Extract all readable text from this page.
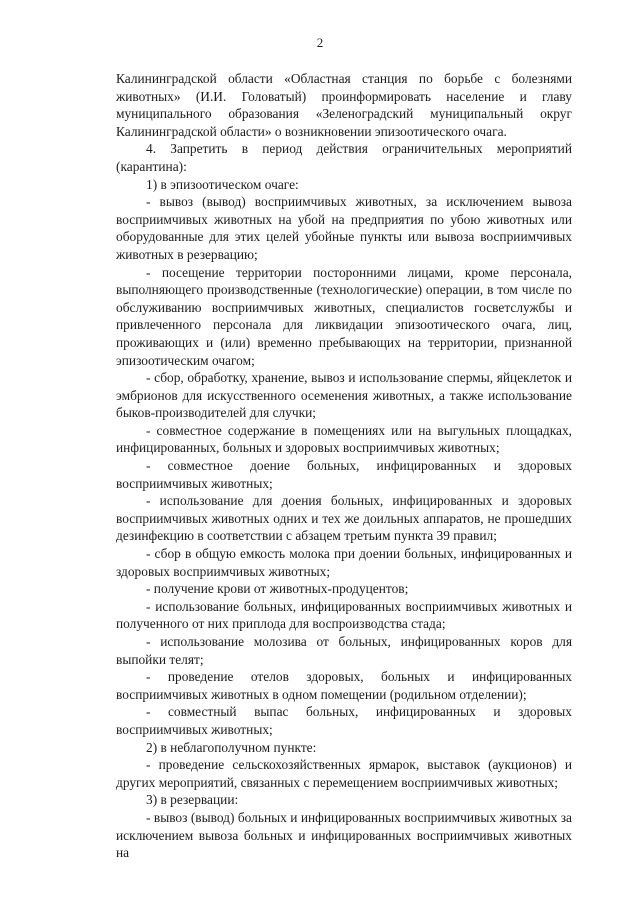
2

Калининградской области «Областная станция по борьбе с болезнями животных» (И.И. Головатый) проинформировать население и главу муниципального образования «Зеленоградский муниципальный округ Калининградской области» о возникновении эпизоотического очага.

4. Запретить в период действия ограничительных мероприятий (карантина):

1) в эпизоотическом очаге:

- вывоз (вывод) восприимчивых животных, за исключением вывоза восприимчивых животных на убой на предприятия по убою животных или оборудованные для этих целей убойные пункты или вывоза восприимчивых животных в резервацию;

- посещение территории посторонними лицами, кроме персонала, выполняющего производственные (технологические) операции, в том числе по обслуживанию восприимчивых животных, специалистов госветслужбы и привлеченного персонала для ликвидации эпизоотического очага, лиц, проживающих и (или) временно пребывающих на территории, признанной эпизоотическим очагом;

- сбор, обработку, хранение, вывоз и использование спермы, яйцеклеток и эмбрионов для искусственного осеменения животных, а также использование быков-производителей для случки;

- совместное содержание в помещениях или на выгульных площадках, инфицированных, больных и здоровых восприимчивых животных;

- совместное доение больных, инфицированных и здоровых восприимчивых животных;

- использование для доения больных, инфицированных и здоровых восприимчивых животных одних и тех же доильных аппаратов, не прошедших дезинфекцию в соответствии с абзацем третьим пункта 39 правил;

- сбор в общую емкость молока при доении больных, инфицированных и здоровых восприимчивых животных;

- получение крови от животных-продуцентов;

- использование больных, инфицированных восприимчивых животных и полученного от них приплода для воспроизводства стада;

- использование молозива от больных, инфицированных коров для выпойки телят;

- проведение отелов здоровых, больных и инфицированных восприимчивых животных в одном помещении (родильном отделении);

- совместный выпас больных, инфицированных и здоровых восприимчивых животных;

2) в неблагополучном пункте:

- проведение сельскохозяйственных ярмарок, выставок (аукционов) и других мероприятий, связанных с перемещением восприимчивых животных;

3) в резервации:

- вывоз (вывод) больных и инфицированных восприимчивых животных за исключением вывоза больных и инфицированных восприимчивых животных на
